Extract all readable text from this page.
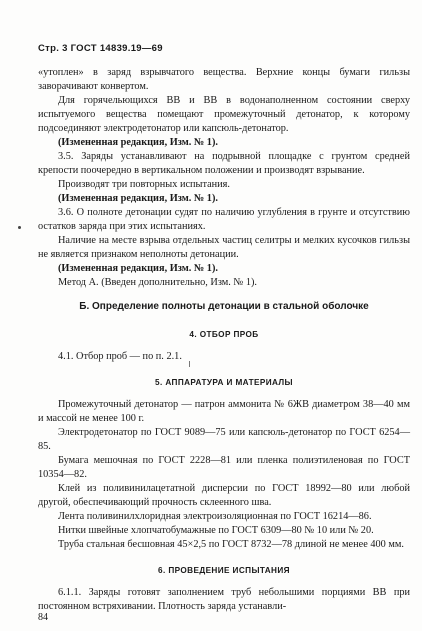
Стр. 3 ГОСТ 14839.19—69

«утоплен» в заряд взрывчатого вещества. Верхние концы бумаги гильзы заворачивают конвертом.

Для горячельющихся ВВ и ВВ в водонаполненном состоянии сверху испытуемого вещества помещают промежуточный детонатор, к которому подсоединяют электродетонатор или капсюль-детонатор.

(Измененная редакция, Изм. № 1).

3.5. Заряды устанавливают на подрывной площадке с грунтом средней крепости поочередно в вертикальном положении и производят взрывание.

Производят три повторных испытания.

(Измененная редакция, Изм. № 1).

3.6. О полноте детонации судят по наличию углубления в грунте и отсутствию остатков заряда при этих испытаниях.

Наличие на месте взрыва отдельных частиц селитры и мелких кусочков гильзы не является признаком неполноты детонации.

(Измененная редакция, Изм. № 1).

Метод А. (Введен дополнительно, Изм. № 1).

Б. Определение полноты детонации в стальной оболочке

4. ОТБОР ПРОБ

4.1. Отбор проб — по п. 2.1.

5. АППАРАТУРА И МАТЕРИАЛЫ

Промежуточный детонатор — патрон аммонита № 6ЖВ диаметром 38—40 мм и массой не менее 100 г.

Электродетонатор по ГОСТ 9089—75 или капсюль-детонатор по ГОСТ 6254—85.

Бумага мешочная по ГОСТ 2228—81 или пленка полиэтиленовая по ГОСТ 10354—82.

Клей из поливинилацетатной дисперсии по ГОСТ 18992—80 или любой другой, обеспечивающий прочность склеенного шва.

Лента поливинилхлоридная электроизоляционная по ГОСТ 16214—86.

Нитки швейные хлопчатобумажные по ГОСТ 6309—80 № 10 или № 20.

Труба стальная бесшовная 45×2,5 по ГОСТ 8732—78 длиной не менее 400 мм.

6. ПРОВЕДЕНИЕ ИСПЫТАНИЯ

6.1.1. Заряды готовят заполнением труб небольшими порциями ВВ при постоянном встряхивании. Плотность заряда устанавли-

84
